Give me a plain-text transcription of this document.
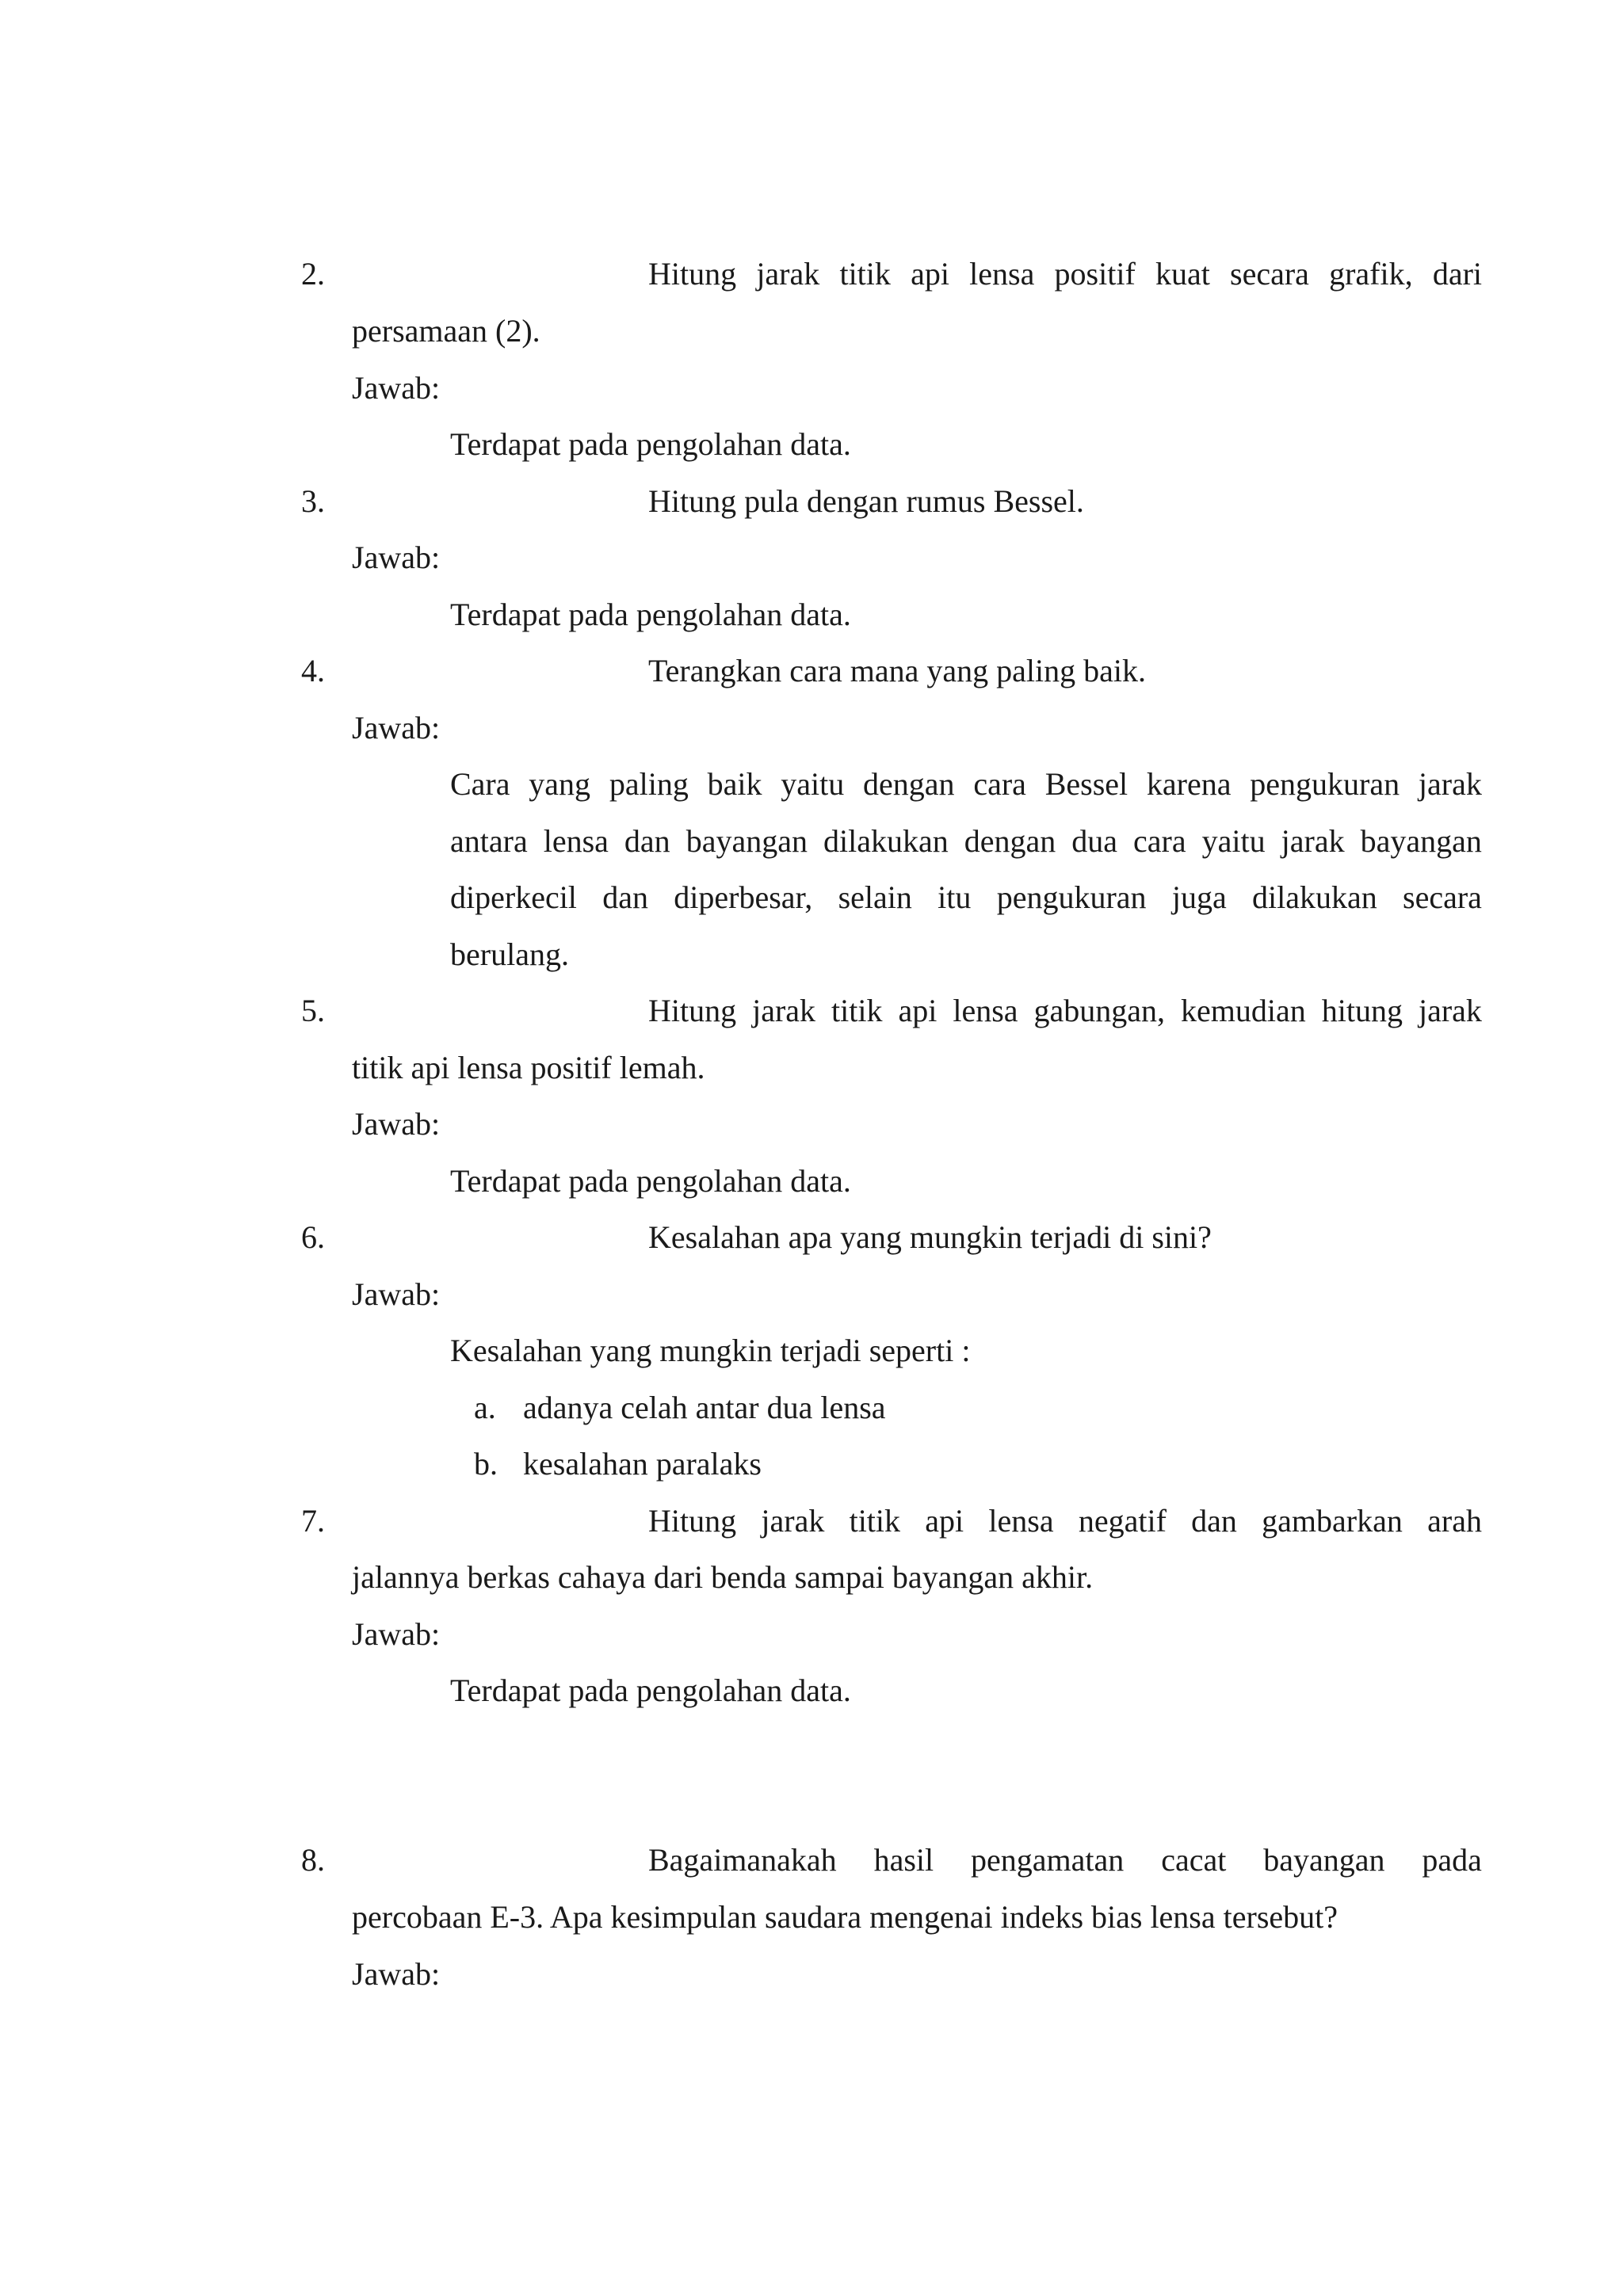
2.	Hitung jarak titik api lensa positif kuat secara grafik, dari
persamaan (2).
Jawab:
Terdapat pada pengolahan data.
3.	Hitung pula dengan rumus Bessel.
Jawab:
Terdapat pada pengolahan data.
4.	Terangkan cara mana yang paling baik.
Jawab:
Cara yang paling baik yaitu dengan cara Bessel karena pengukuran jarak
antara lensa dan bayangan dilakukan dengan dua cara yaitu jarak bayangan
diperkecil dan diperbesar, selain itu pengukuran juga dilakukan secara
berulang.
5.	Hitung jarak titik api lensa gabungan, kemudian hitung jarak
titik api lensa positif lemah.
Jawab:
Terdapat pada pengolahan data.
6.	Kesalahan apa yang mungkin terjadi di sini?
Jawab:
Kesalahan yang mungkin terjadi seperti :
a. adanya celah antar dua lensa
b. kesalahan paralaks
7.	Hitung jarak titik api lensa negatif dan gambarkan arah
jalannya berkas cahaya dari benda sampai bayangan akhir.
Jawab:
Terdapat pada pengolahan data.
8.	Bagaimanakah hasil pengamatan cacat bayangan pada
percobaan E-3. Apa kesimpulan saudara mengenai indeks bias lensa tersebut?
Jawab:
